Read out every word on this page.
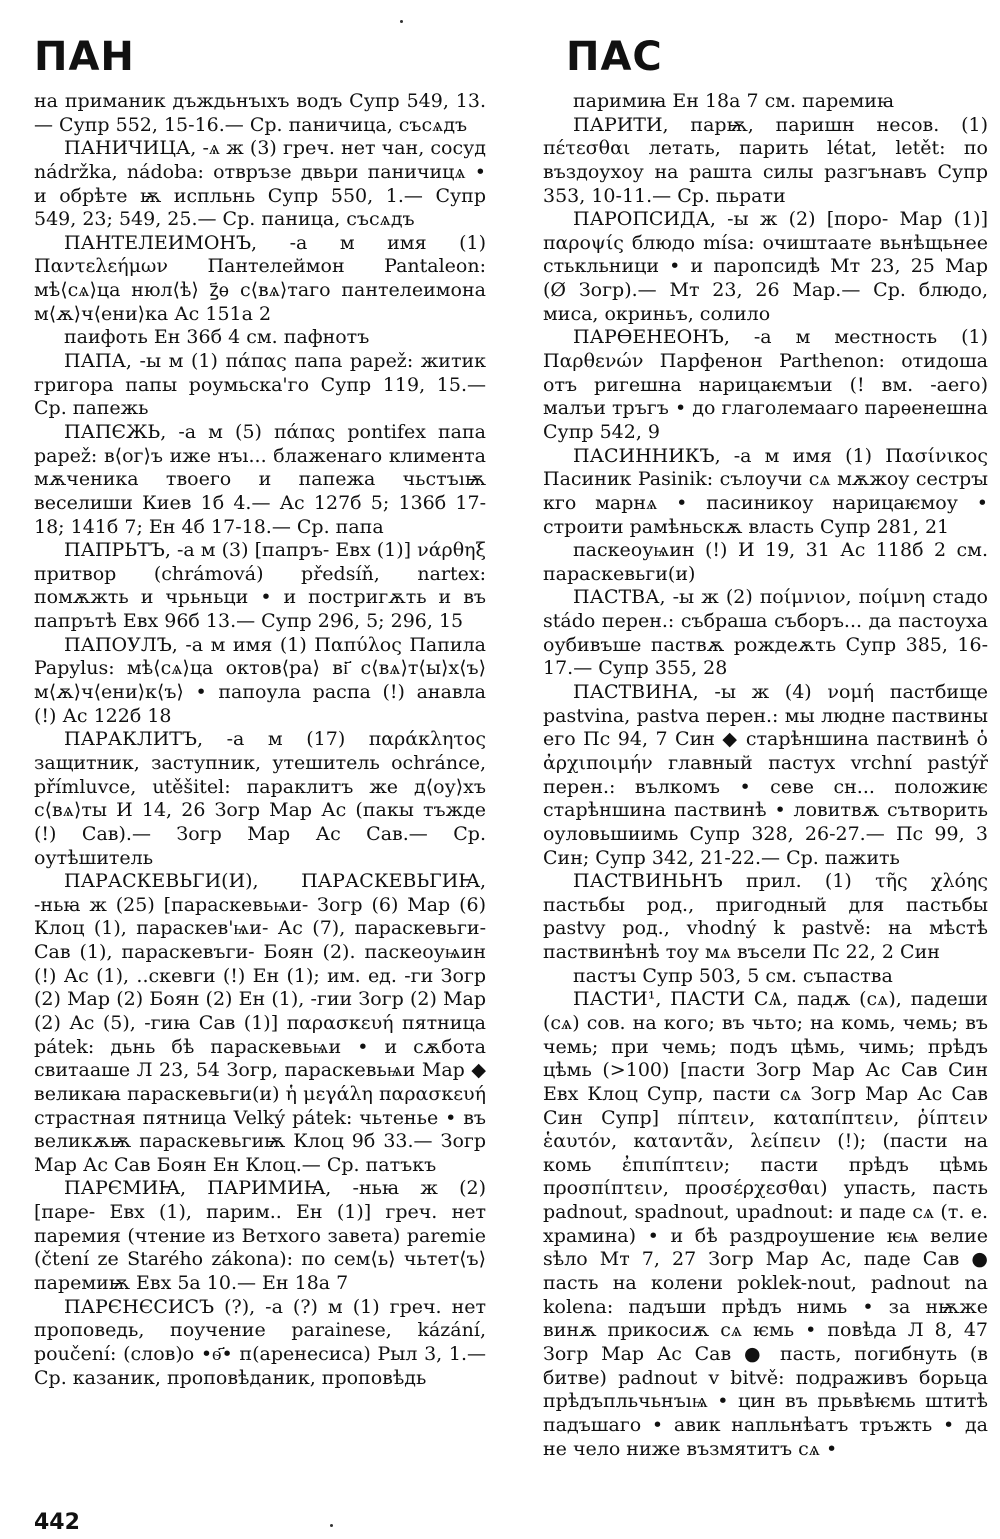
ПАН	ПАС

на приманик дъждьнъıхъ водъ Супр 549, 13.— Супр 552, 15-16.— Ср. паничица, съсѧдъ

ПАНИЧИЦА, -ѧ ж (3) греч. нет чан, сосуд nádržka, nádoba: отвръзе двьри паничицѧ • и обрѣте ѭ испльнь Супр 550, 1.— Супр 549, 23; 549, 25.— Ср. паница, съсѧдъ

ПАНТЕЛЕИМОНЪ, -а м имя (1) Παντελεήμων Пантелеймон Pantaleon: мѣ⟨сѧ⟩ца нюл⟨ѣ⟩ ꙁ҃ѳ с⟨вѧ⟩таго пантелеимона м⟨ѫ⟩ч⟨ени⟩ка Ас 151а 2

паифоть Ен 36б 4 см. пафнотъ

ПАПА, -ы м (1) πάπας папа papež: житик григора папы роумьска'го Супр 119, 15.— Ср. папежь

ПАПЄЖЬ, -а м (5) πάπας pontifex папа papež: в⟨ог⟩ъ иже нъı... блаженаго климента мѫченика твоего и папежа чьстъıѭ веселиши Киев 1б 4.— Ас 127б 5; 136б 17-18; 141б 7; Ен 4б 17-18.— Ср. папа

ПАПРЬТЪ, -а м (3) [папръ- Евх (1)] νάρθηξ притвор (chrámová) předsíň, nartex: помѫжть и чрьньци • и постригѫть и въ папрътѣ Евх 96б 13.— Супр 296, 5; 296, 15

ПАПОУЛЪ, -а м имя (1) Παπύλος Папила Papylus: мѣ⟨сѧ⟩ца октов⟨ра⟩ ві҃ с⟨вѧ⟩т⟨ы⟩х⟨ъ⟩ м⟨ѫ⟩ч⟨ени⟩к⟨ъ⟩ • папоула распа (!) анавла (!) Ас 122б 18

ПАРАКЛИТЪ, -а м (17) παράκλητος защитник, заступник, утешитель ochránce, přímluvce, utěšitel: параклитъ же д⟨оу⟩хъ с⟨вѧ⟩ты И 14, 26 Зогр Мар Ас (пакы тъжде (!) Сав).— Зогр Мар Ас Сав.— Ср. оутѣшитель

ПАРАСКЕВЬГИ(И), ПАРАСКЕВЬГИꙖ, -ньꙗ ж (25) [параскевьѩи- Зогр (6) Мар (6) Клоц (1), параскев'ѩи- Ас (7), параскевьги- Сав (1), параскевъги- Боян (2). паскеоуѩин (!) Ас (1), ..скевги (!) Ен (1); им. ед. -ги Зогр (2) Мар (2) Боян (2) Ен (1), -гии Зогр (2) Мар (2) Ас (5), -гиꙗ Сав (1)] παρασκευή пятница pátek: дьнь бѣ параскевьѩи • и сѫбота свитааше Л 23, 54 Зогр, параскевьѩи Мар ◆ великаꙗ параскевьги(и) ἡ μεγάλη παρασκευή страстная пятница Velký pátek: чьтенье • въ великѫѭ параскевьгиѭ Клоц 9б 33.— Зогр Мар Ас Сав Боян Ен Клоц.— Ср. патъкъ

ПАРЄМИꙖ, ПАРИМИꙖ, -ньꙗ ж (2) [паре- Евх (1), парим.. Ен (1)] греч. нет паремия (чтение из Ветхого завета) paremie (čtení ze Starého zákona): по сем⟨ь⟩ чьтет⟨ъ⟩ паремиѭ Евх 5а 10.— Ен 18а 7

ПАРЄНЄСИСЪ (?), -а (?) м (1) греч. нет проповедь, поучение parainese, kázání, poučení: (слов)о •ѳ҃• п(аренесиса) Рыл 3, 1.— Ср. казаник, проповѣданик, проповѣдь

паримиꙗ Ен 18а 7 см. паремиꙗ

ПАРИТИ, парѭ, паришн несов. (1) πέτεσθαι летать, парить létat, letět: по въздоухоу на рашта силы разгънавъ Супр 353, 10-11.— Ср. пьрати

ПАРОПСИДА, -ы ж (2) [поро- Мар (1)] παροψίς блюдо mísa: очиштаате вьнѣщьнее стькльници • и паропсидѣ Мт 23, 25 Мар (Ø Зогр).— Мт 23, 26 Мар.— Ср. блюдо, миса, окриньъ, солило

ПАРѲЕНЕОНЪ, -а м местность (1) Παρθενών Парфенон Parthenon: отидоша отъ ригешна нарицаѥмъıи (! вм. -аего) малъи тръгъ • до глаголемааго парѳенешна Супр 542, 9

ПАСИННИКЪ, -а м имя (1) Πασίνικος Пасиник Pasinik: сълоучи сѧ мѫжоу сестрꙑ кго марнѧ • пасиникоу нарицаѥмоу • строити рамѣньскѫ власть Супр 281, 21

паскеоуѩин (!) И 19, 31 Ас 118б 2 см. параскевьги(и)

ПАСТВА, -ы ж (2) ποίμνιον, ποίμνη стадо stádo перен.: събраша съборъ... да пастоуха оубивъше паствѫ рождеѫть Супр 385, 16-17.— Супр 355, 28

ПАСТВИНА, -ы ж (4) νομή пастбище pastvina, pastva перен.: мы людне паствины его Пс 94, 7 Син ◆ старѣншина паствинѣ ὁ ἀρχιποιμήν главный пастух vrchní pastýř перен.: вълкомъ • севе сн... положиѥ старѣншина паствинѣ • ловитвѫ сътворить оуловьшиимь Супр 328, 26-27.— Пс 99, 3 Син; Супр 342, 21-22.— Ср. пажить

ПАСТВИНЬНЪ прил. (1) τῆς χλόης пастьбы род., пригодный для пастьбы pastvy род., vhodný k pastvě: на мѣстѣ паствинѣнѣ тоу мѧ въсели Пс 22, 2 Син

пастъı Супр 503, 5 см. съпаства

ПАСТИ¹, ПАСТИ СѦ, падѫ (сѧ), падеши (сѧ) сов. на кого; въ чьто; на комь, чемь; въ чемь; при чемь; подъ цѣмь, чимь; прѣдъ цѣмь (>100) [пасти Зогр Мар Ас Сав Син Евх Клоц Супр, пасти сѧ Зогр Мар Ас Сав Син Супр] πίπτειν, καταπίπτειν, ῥίπτειν ἑαυτόν, καταντᾶν, λείπειν (!); (пасти на комь ἐπιπίπτειν; пасти прѣдъ цѣмь προσπίπτειν, προσέρχεσθαι) упасть, пасть padnout, spadnout, upadnout: и паде сѧ (т. е. храмина) • и бѣ раздроушение ѥѩ велие ѕѣло Мт 7, 27 Зогр Мар Ас, паде Сав ● пасть на колени poklek-nout, padnout na kolena: падъши прѣдъ нимь • за нѭже винѫ прикосиѫ сѧ ѥмь • повѣда Л 8, 47 Зогр Мар Ас Сав ● пасть, погибнуть (в битве) padnout v bitvě: подраживъ борьца прѣдъпльчьнъıѩ • цин въ прьвѣѥмь штитѣ падъшаго • авик напльнѣатъ тръжть • да не чело ниже възмятитъ сѧ •

442
